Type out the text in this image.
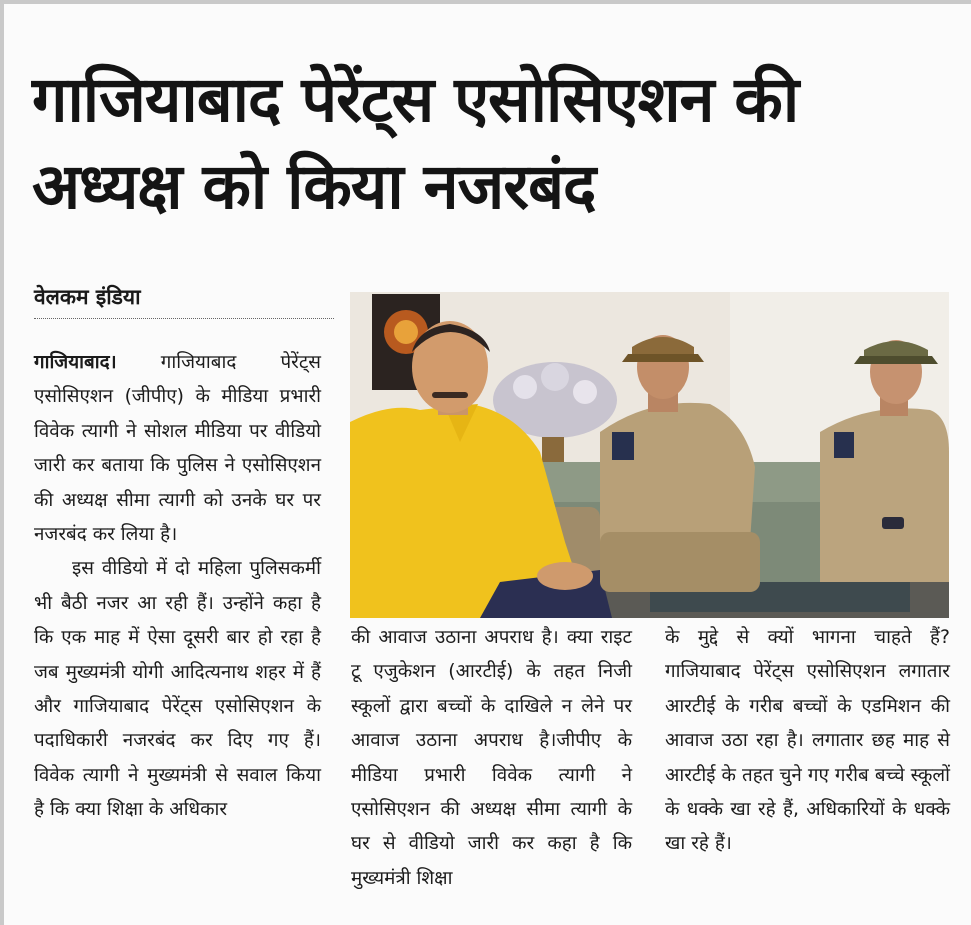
गाजियाबाद पेरेंट्स एसोसिएशन की अध्यक्ष को किया नजरबंद
वेलकम इंडिया

गाजियाबाद। गाजियाबाद पेरेंट्स एसोसिएशन (जीपीए) के मीडिया प्रभारी विवेक त्यागी ने सोशल मीडिया पर वीडियो जारी कर बताया कि पुलिस ने एसोसिएशन की अध्यक्ष सीमा त्यागी को उनके घर पर नजरबंद कर लिया है।

इस वीडियो में दो महिला पुलिसकर्मी भी बैठी नजर आ रही हैं। उन्होंने कहा है कि एक माह में ऐसा दूसरी बार हो रहा है जब मुख्यमंत्री योगी आदित्यनाथ शहर में हैं और गाजियाबाद पेरेंट्स एसोसिएशन के पदाधिकारी नजरबंद कर दिए गए हैं। विवेक त्यागी ने मुख्यमंत्री से सवाल किया है कि क्या शिक्षा के अधिकार

की आवाज उठाना अपराध है। क्या राइट टू एजुकेशन (आरटीई) के तहत निजी स्कूलों द्वारा बच्चों के दाखिले न लेने पर आवाज उठाना अपराध है।जीपीए के मीडिया प्रभारी विवेक त्यागी ने एसोसिएशन की अध्यक्ष सीमा त्यागी के घर से वीडियो जारी कर कहा है कि मुख्यमंत्री शिक्षा

के मुद्दे से क्यों भागना चाहते हैं? गाजियाबाद पेरेंट्स एसोसिएशन लगातार आरटीई के गरीब बच्चों के एडमिशन की आवाज उठा रहा है। लगातार छह माह से आरटीई के तहत चुने गए गरीब बच्चे स्कूलों के धक्के खा रहे हैं, अधिकारियों के धक्के खा रहे हैं।
